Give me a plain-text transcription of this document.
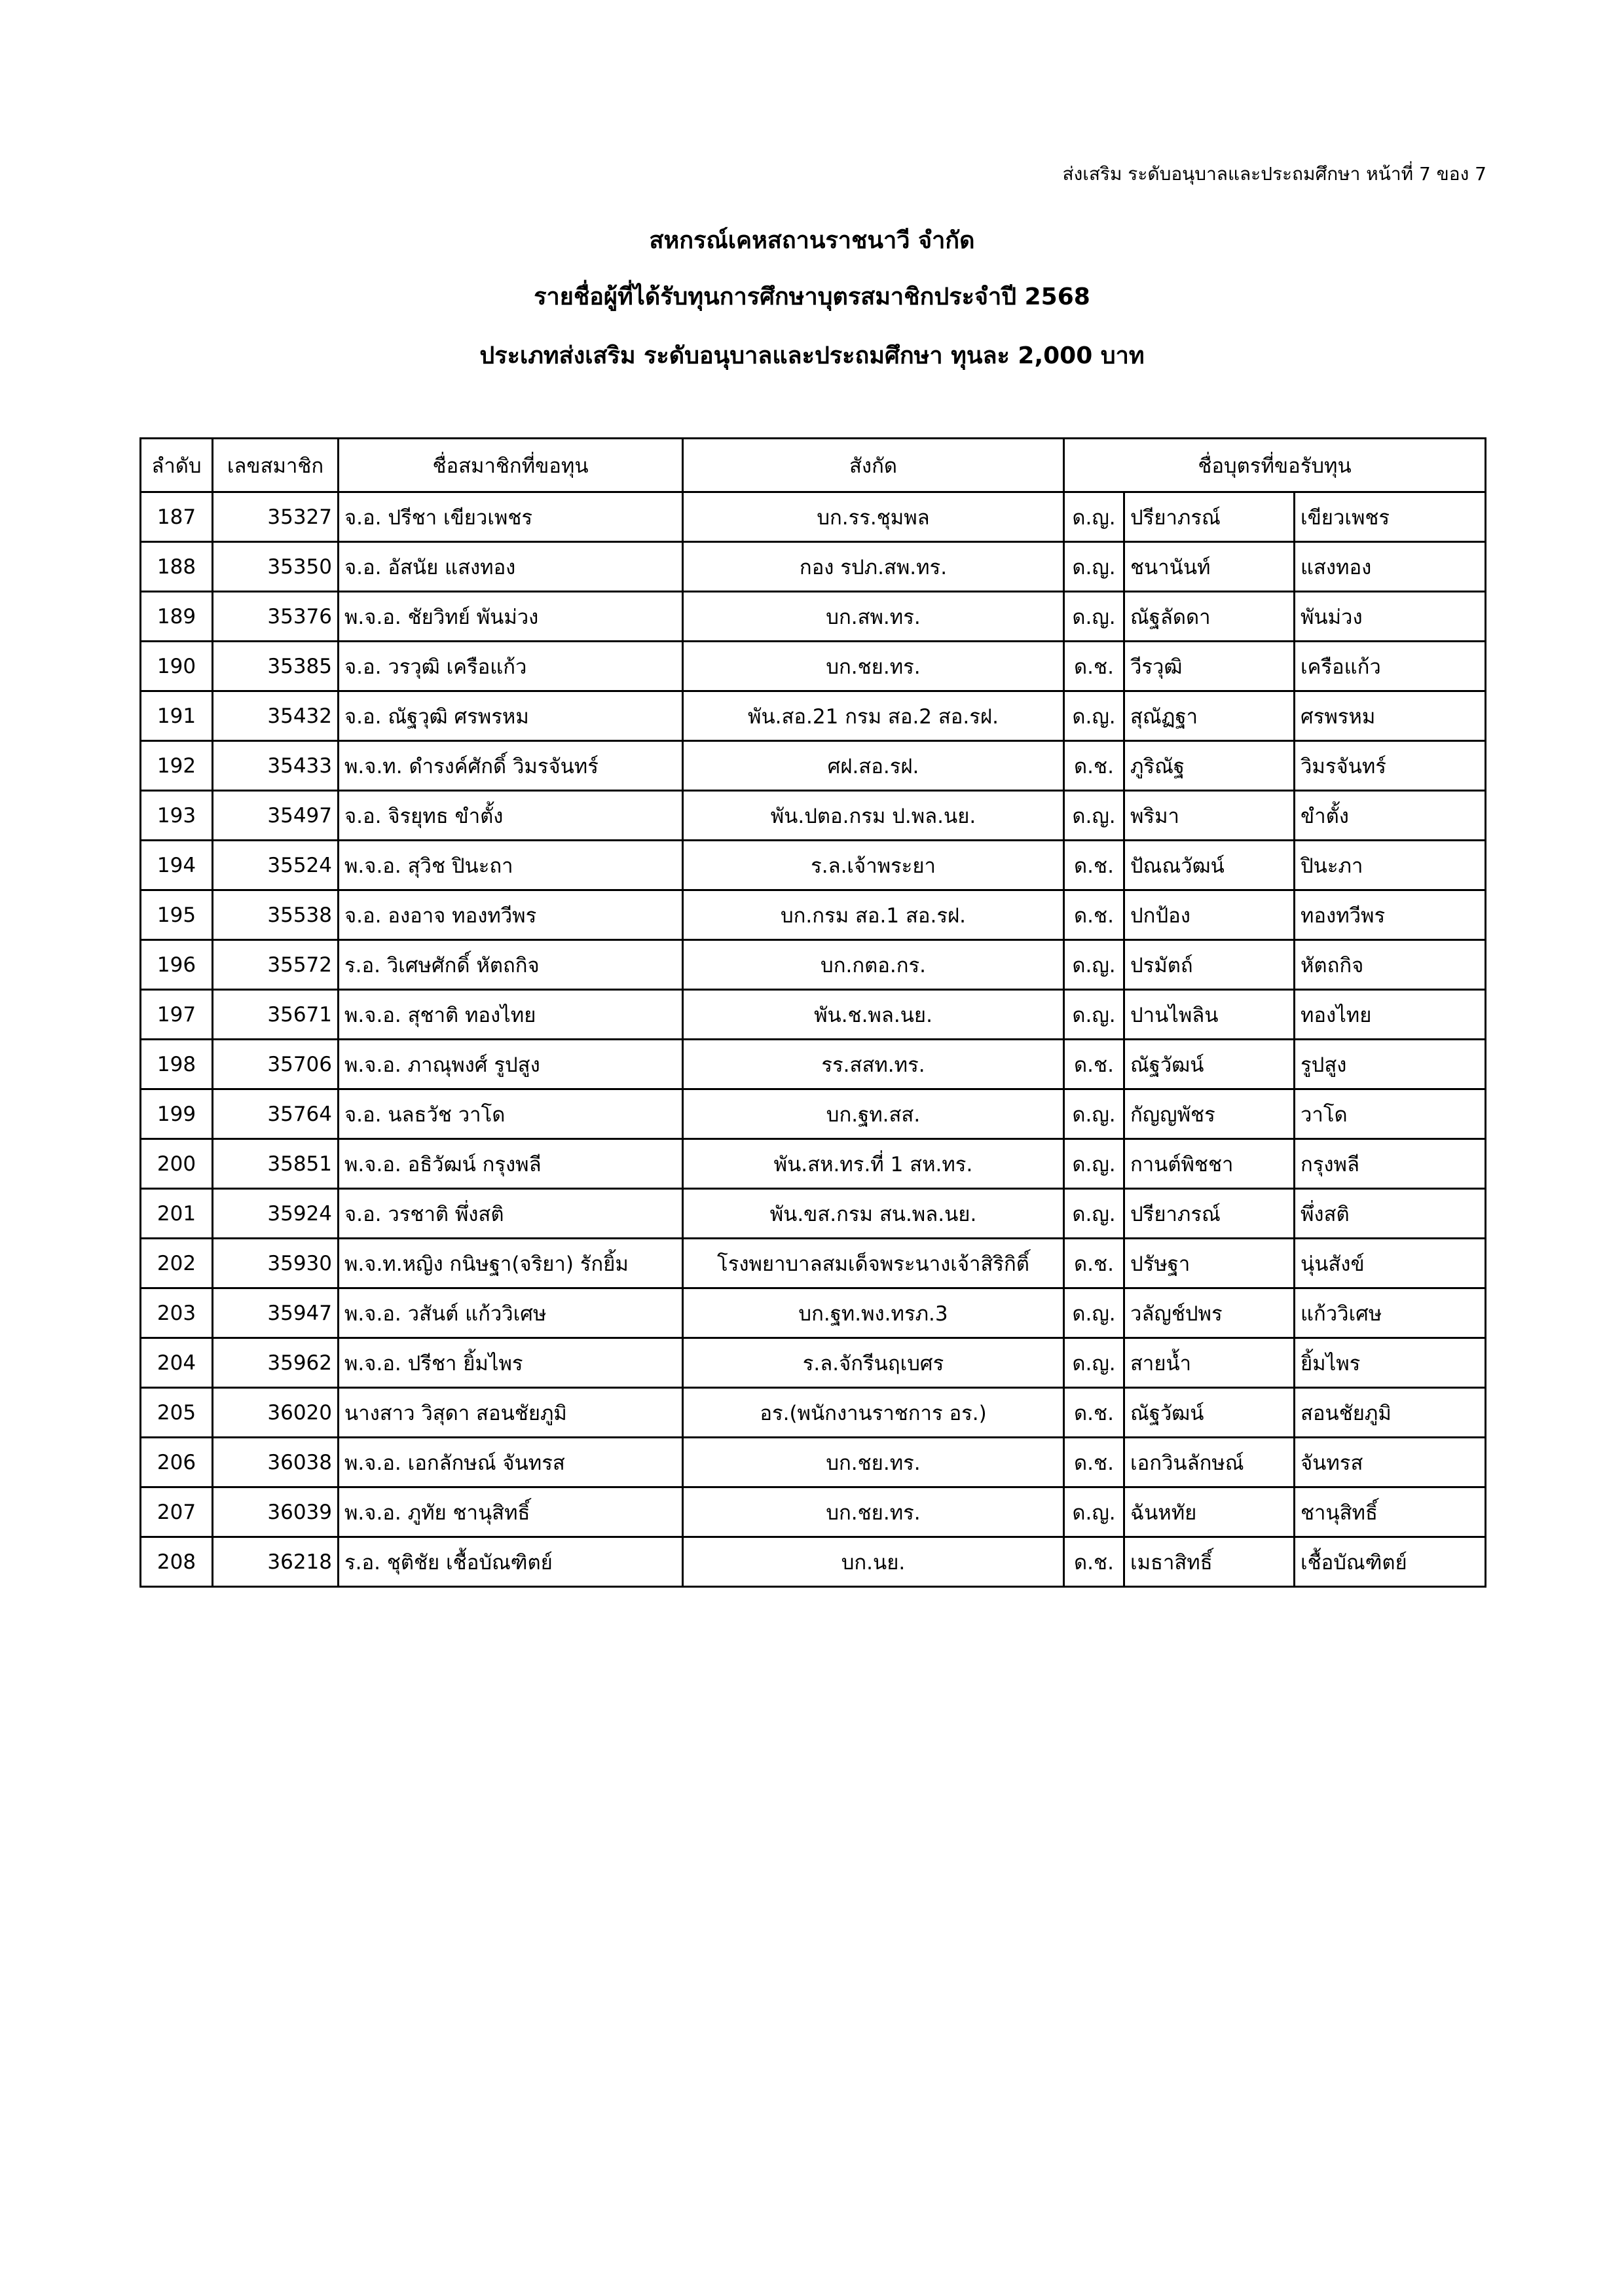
ส่งเสริม ระดับอนุบาลและประถมศึกษา หน้าที่ 7 ของ 7
สหกรณ์เคหสถานราชนาวี จำกัด
รายชื่อผู้ที่ได้รับทุนการศึกษาบุตรสมาชิกประจำปี 2568
ประเภทส่งเสริม ระดับอนุบาลและประถมศึกษา ทุนละ 2,000 บาท
ลำดับ	เลขสมาชิก	ชื่อสมาชิกที่ขอทุน	สังกัด	ชื่อบุตรที่ขอรับทุน		
187	35327	จ.อ. ปรีชา เขียวเพชร	บก.รร.ชุมพล	ด.ญ.	ปรียาภรณ์	เขียวเพชร
188	35350	จ.อ. อัสนัย แสงทอง	กอง รปภ.สพ.ทร.	ด.ญ.	ชนานันท์	แสงทอง
189	35376	พ.จ.อ. ชัยวิทย์ พันม่วง	บก.สพ.ทร.	ด.ญ.	ณัฐลัดดา	พันม่วง
190	35385	จ.อ. วรวุฒิ เครือแก้ว	บก.ชย.ทร.	ด.ช.	วีรวุฒิ	เครือแก้ว
191	35432	จ.อ. ณัฐวุฒิ ศรพรหม	พัน.สอ.21 กรม สอ.2 สอ.รฝ.	ด.ญ.	สุณัฏฐา	ศรพรหม
192	35433	พ.จ.ท. ดำรงค์ศักดิ์ วิมรจันทร์	ศฝ.สอ.รฝ.	ด.ช.	ภูริณัฐ	วิมรจันทร์
193	35497	จ.อ. จิรยุทธ ขำตั้ง	พัน.ปตอ.กรม ป.พล.นย.	ด.ญ.	พริมา	ขำตั้ง
194	35524	พ.จ.อ. สุวิช ปินะถา	ร.ล.เจ้าพระยา	ด.ช.	ปัณณวัฒน์	ปินะภา
195	35538	จ.อ. องอาจ ทองทวีพร	บก.กรม สอ.1 สอ.รฝ.	ด.ช.	ปกป้อง	ทองทวีพร
196	35572	ร.อ. วิเศษศักดิ์ หัตถกิจ	บก.กตอ.กร.	ด.ญ.	ปรมัตถ์	หัตถกิจ
197	35671	พ.จ.อ. สุชาติ ทองไทย	พัน.ช.พล.นย.	ด.ญ.	ปานไพลิน	ทองไทย
198	35706	พ.จ.อ. ภาณุพงศ์ รูปสูง	รร.สสท.ทร.	ด.ช.	ณัฐวัฒน์	รูปสูง
199	35764	จ.อ. นลธวัช วาโด	บก.ฐท.สส.	ด.ญ.	กัญญพัชร	วาโด
200	35851	พ.จ.อ. อธิวัฒน์ กรุงพลี	พัน.สห.ทร.ที่ 1 สห.ทร.	ด.ญ.	กานต์พิชชา	กรุงพลี
201	35924	จ.อ. วรชาติ พึ่งสติ	พัน.ขส.กรม สน.พล.นย.	ด.ญ.	ปรียาภรณ์	พึ่งสติ
202	35930	พ.จ.ท.หญิง กนิษฐา(จริยา) รักยิ้ม	โรงพยาบาลสมเด็จพระนางเจ้าสิริกิติ์	ด.ช.	ปรัษฐา	นุ่นสังข์
203	35947	พ.จ.อ. วสันต์ แก้ววิเศษ	บก.ฐท.พง.ทรภ.3	ด.ญ.	วลัญช์ปพร	แก้ววิเศษ
204	35962	พ.จ.อ. ปรีชา ยิ้มไพร	ร.ล.จักรีนฤเบศร	ด.ญ.	สายน้ำ	ยิ้มไพร
205	36020	นางสาว วิสุดา สอนชัยภูมิ	อร.(พนักงานราชการ อร.)	ด.ช.	ณัฐวัฒน์	สอนชัยภูมิ
206	36038	พ.จ.อ. เอกลักษณ์ จันทรส	บก.ชย.ทร.	ด.ช.	เอกวินลักษณ์	จันทรส
207	36039	พ.จ.อ. ภูทัย ชานุสิทธิ์	บก.ชย.ทร.	ด.ญ.	ฉันหทัย	ชานุสิทธิ์
208	36218	ร.อ. ชุติชัย เชื้อบัณฑิตย์	บก.นย.	ด.ช.	เมธาสิทธิ์	เชื้อบัณฑิตย์
